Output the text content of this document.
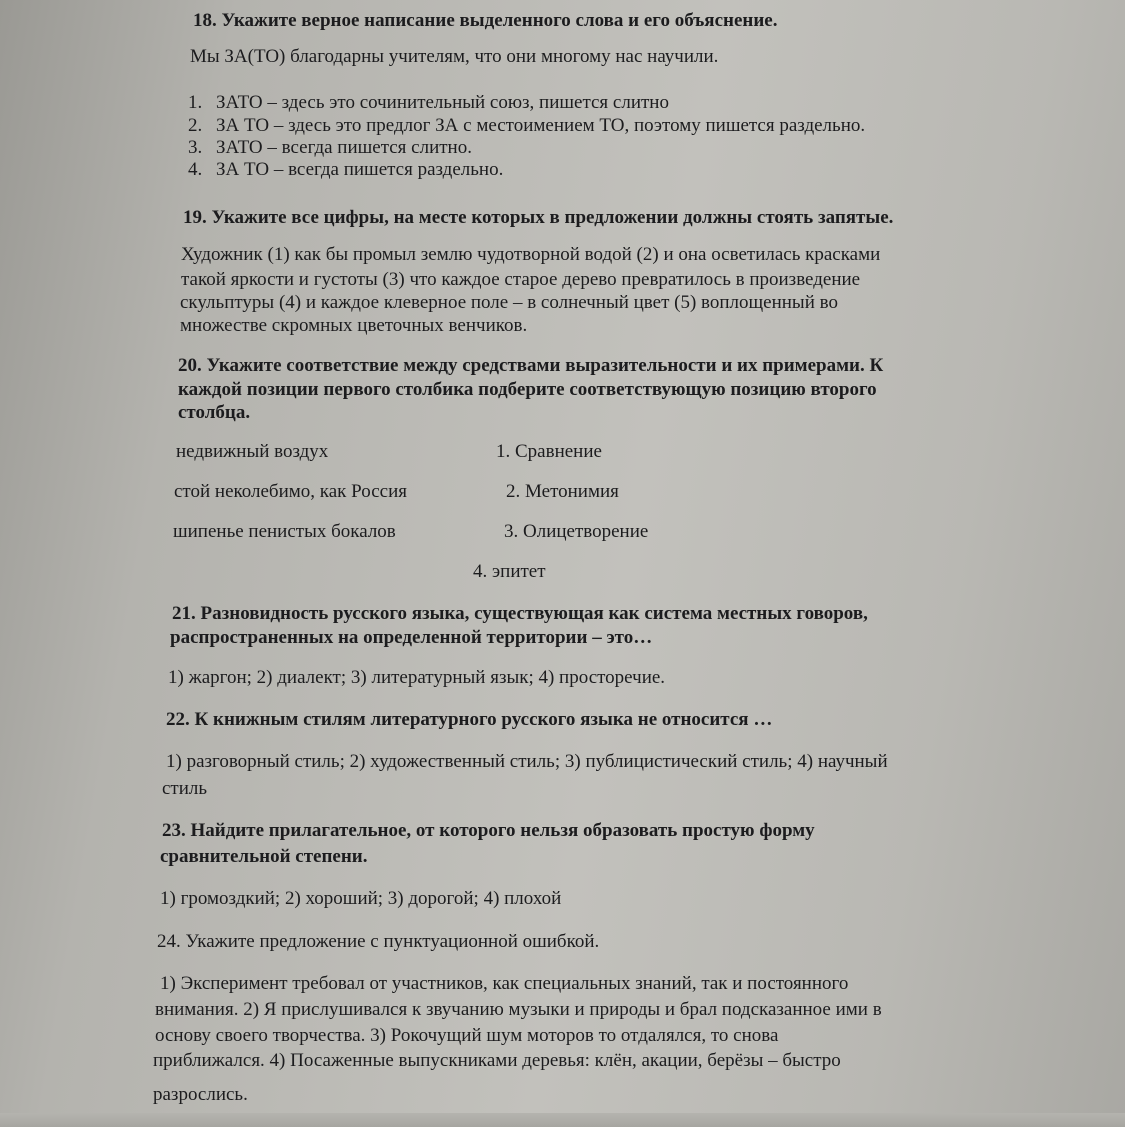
18. Укажите верное написание выделенного слова и его объяснение.
Мы ЗА(ТО) благодарны учителям, что они многому нас научили.
1. ЗАТО – здесь это сочинительный союз, пишется слитно
2. ЗА ТО – здесь это предлог ЗА с местоимением ТО, поэтому пишется раздельно.
3. ЗАТО – всегда пишется слитно.
4. ЗА ТО – всегда пишется раздельно.
19. Укажите все цифры, на месте которых в предложении должны стоять запятые.
Художник (1) как бы промыл землю чудотворной водой (2) и она осветилась красками
такой яркости и густоты (3) что каждое старое дерево превратилось в произведение
скульптуры (4) и каждое клеверное поле – в солнечный цвет (5) воплощенный во
множестве скромных цветочных венчиков.
20. Укажите соответствие между средствами выразительности и их примерами. К
каждой позиции первого столбика подберите соответствующую позицию второго
столбца.
недвижный воздух
стой неколебимо, как Россия
шипенье пенистых бокалов
1. Сравнение
2. Метонимия
3. Олицетворение
4. эпитет
21. Разновидность русского языка, существующая как система местных говоров,
распространенных на определенной территории – это…
1) жаргон; 2) диалект; 3) литературный язык; 4) просторечие.
22. К книжным стилям литературного русского языка не относится …
1) разговорный стиль; 2) художественный стиль; 3) публицистический стиль; 4) научный
стиль
23. Найдите прилагательное, от которого нельзя образовать простую форму
сравнительной степени.
1) громоздкий; 2) хороший; 3) дорогой; 4) плохой
24. Укажите предложение с пунктуационной ошибкой.
1) Эксперимент требовал от участников, как специальных знаний, так и постоянного
внимания. 2) Я прислушивался к звучанию музыки и природы и брал подсказанное ими в
основу своего творчества. 3) Рокочущий шум моторов то отдалялся, то снова
приближался. 4) Посаженные выпускниками деревья: клён, акации, берёзы – быстро
разрослись.
